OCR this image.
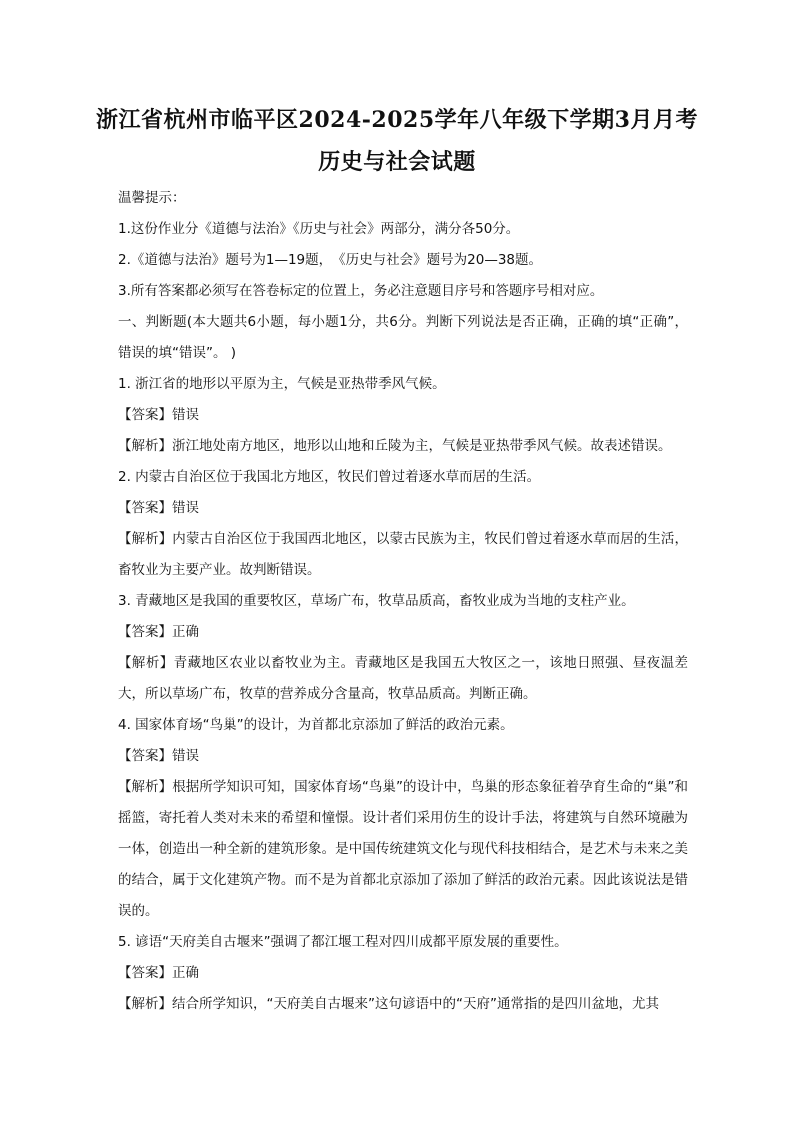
浙江省杭州市临平区2024-2025学年八年级下学期3月月考
历史与社会试题

温馨提示：

1.这份作业分《道德与法治》《历史与社会》两部分，满分各50分。

2.《道德与法治》题号为1—19题，　《历史与社会》题号为20—38题。

3.所有答案都必须写在答卷标定的位置上，务必注意题目序号和答题序号相对应。

一、判断题(本大题共6小题，每小题1分，共6分。判断下列说法是否正确，正确的填“正确”，错误的填“错误”。 )

1. 浙江省的地形以平原为主，气候是亚热带季风气候。

【答案】错误

【解析】浙江地处南方地区，地形以山地和丘陵为主，气候是亚热带季风气候。故表述错误。

2. 内蒙古自治区位于我国北方地区，牧民们曾过着逐水草而居的生活。

【答案】错误

【解析】内蒙古自治区位于我国西北地区，以蒙古民族为主，牧民们曾过着逐水草而居的生活，畜牧业为主要产业。故判断错误。

3. 青藏地区是我国的重要牧区，草场广布，牧草品质高，畜牧业成为当地的支柱产业。

【答案】正确

【解析】青藏地区农业以畜牧业为主。青藏地区是我国五大牧区之一，该地日照强、昼夜温差大，所以草场广布，牧草的营养成分含量高，牧草品质高。判断正确。

4. 国家体育场“鸟巢”的设计，为首都北京添加了鲜活的政治元素。

【答案】错误

【解析】根据所学知识可知，国家体育场“鸟巢”的设计中，鸟巢的形态象征着孕育生命的“巢”和摇篮，寄托着人类对未来的希望和憧憬。设计者们采用仿生的设计手法，将建筑与自然环境融为一体，创造出一种全新的建筑形象。是中国传统建筑文化与现代科技相结合，是艺术与未来之美的结合，属于文化建筑产物。而不是为首都北京添加了添加了鲜活的政治元素。因此该说法是错误的。

5. 谚语“天府美自古堰来”强调了都江堰工程对四川成都平原发展的重要性。

【答案】正确

【解析】结合所学知识，“天府美自古堰来”这句谚语中的“天府”通常指的是四川盆地，尤其
